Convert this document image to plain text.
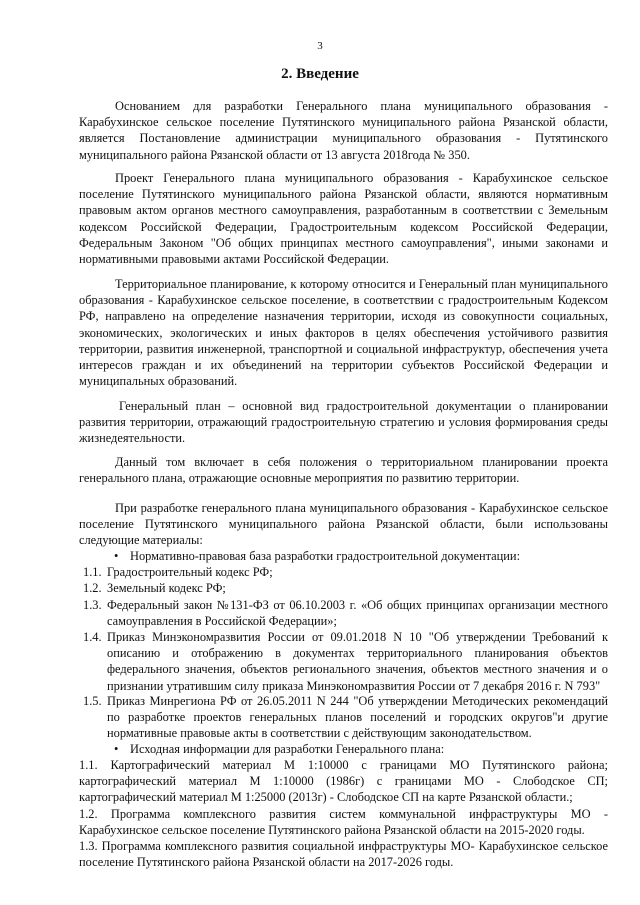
3
2. Введение

Основанием для разработки Генерального плана муниципального образования - Карабухинское сельское поселение Путятинского муниципального района Рязанской области, является Постановление администрации муниципального образования - Путятинского муниципального района Рязанской области от 13 августа 2018года № 350.

Проект Генерального плана муниципального образования - Карабухинское сельское поселение Путятинского муниципального района Рязанской области, являются нормативным правовым актом органов местного самоуправления, разработанным в соответствии с Земельным кодексом Российской Федерации, Градостроительным кодексом Российской Федерации, Федеральным Законом "Об общих принципах местного самоуправления", иными законами и нормативными правовыми актами Российской Федерации.

Территориальное планирование, к которому относится и Генеральный план муниципального образования - Карабухинское сельское поселение, в соответствии с градостроительным Кодексом РФ, направлено на определение назначения территории, исходя из совокупности социальных, экономических, экологических и иных факторов в целях обеспечения устойчивого развития территории, развития инженерной, транспортной и социальной инфраструктур, обеспечения учета интересов граждан и их объединений на территории субъектов Российской Федерации и муниципальных образований.

Генеральный план – основной вид градостроительной документации о планировании развития территории, отражающий градостроительную стратегию и условия формирования среды жизнедеятельности.

Данный том включает в себя положения о территориальном планировании проекта генерального плана, отражающие основные мероприятия по развитию территории.

При разработке генерального плана муниципального образования - Карабухинское сельское поселение Путятинского муниципального района Рязанской области, были использованы следующие материалы:

• Нормативно-правовая база разработки градостроительной документации:
1.1. Градостроительный кодекс РФ;
1.2. Земельный кодекс РФ;
1.3. Федеральный закон №131-ФЗ от 06.10.2003 г. «Об общих принципах организации местного самоуправления в Российской Федерации»;
1.4. Приказ Минэкономразвития России от 09.01.2018 N 10 "Об утверждении Требований к описанию и отображению в документах территориального планирования объектов федерального значения, объектов регионального значения, объектов местного значения и о признании утратившим силу приказа Минэкономразвития России от 7 декабря 2016 г. N 793"
1.5. Приказ Минрегиона РФ от 26.05.2011 N 244 "Об утверждении Методических рекомендаций по разработке проектов генеральных планов поселений и городских округов"и другие нормативные правовые акты в соответствии с действующим законодательством.
• Исходная информации для разработки Генерального плана:

1.1. Картографический материал М 1:10000 с границами МО Путятинского района; картографический материал М 1:10000 (1986г) с границами МО - Слободское СП; картографический материал М 1:25000 (2013г) - Слободское СП на карте Рязанской области.;

1.2. Программа комплексного развития систем коммунальной инфраструктуры МО - Карабухинское сельское поселение Путятинского района Рязанской области на 2015-2020 годы.

1.3. Программа комплексного развития социальной инфраструктуры МО- Карабухинское сельское поселение Путятинского района Рязанской области на 2017-2026 годы.
